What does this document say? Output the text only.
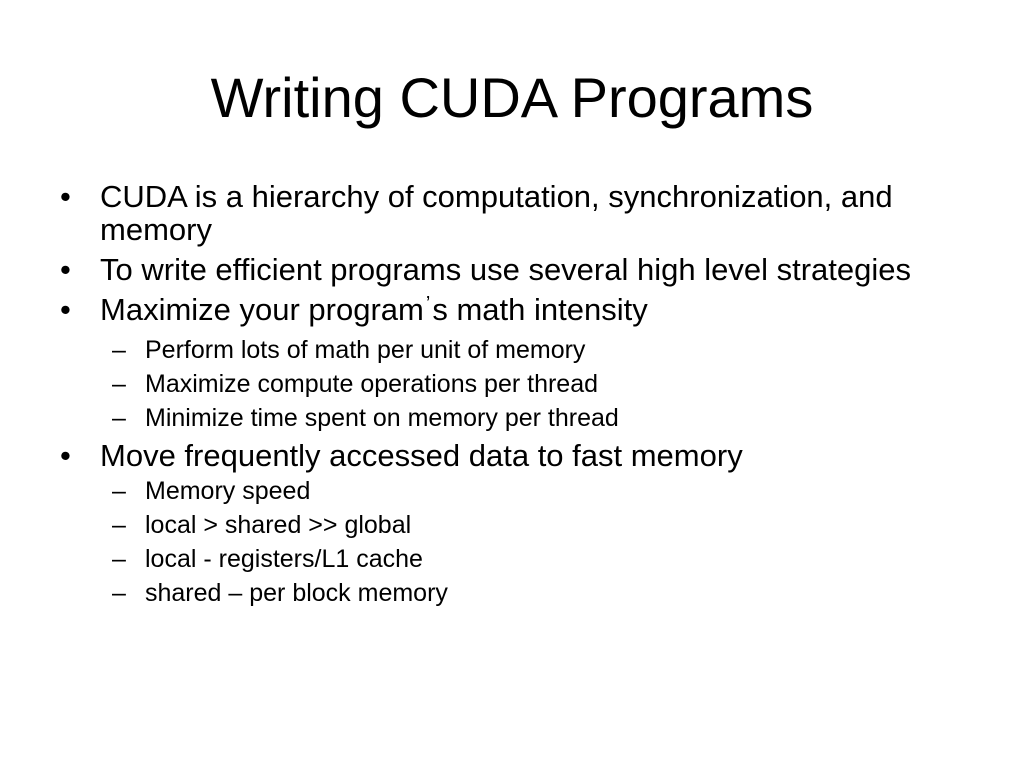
Writing CUDA Programs
• CUDA is a hierarchy of computation, synchronization, and memory
• To write efficient programs use several high level strategies
• Maximize your program ’s math intensity
– Perform lots of math per unit of memory
– Maximize compute operations per thread
– Minimize time spent on memory per thread
• Move frequently accessed data to fast memory
– Memory speed
– local > shared >> global
– local - registers/L1 cache
– shared – per block memory
